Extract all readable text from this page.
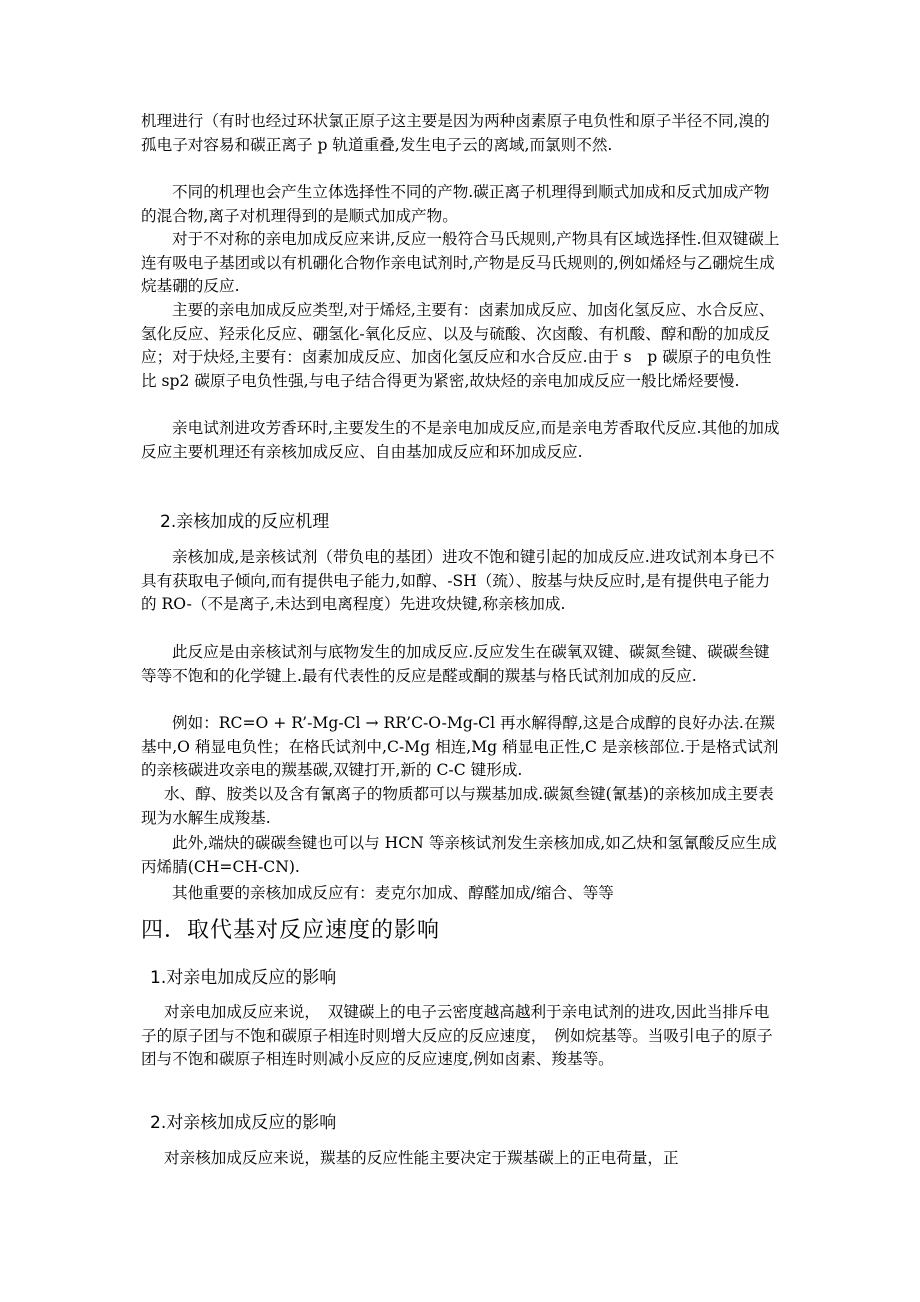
机理进行（有时也经过环状氯正原子这主要是因为两种卤素原子电负性和原子半径不同,溴的孤电子对容易和碳正离子 p 轨道重叠,发生电子云的离域,而氯则不然.

不同的机理也会产生立体选择性不同的产物.碳正离子机理得到顺式加成和反式加成产物的混合物,离子对机理得到的是顺式加成产物。

对于不对称的亲电加成反应来讲,反应一般符合马氏规则,产物具有区域选择性.但双键碳上连有吸电子基团或以有机硼化合物作亲电试剂时,产物是反马氏规则的,例如烯烃与乙硼烷生成烷基硼的反应.

主要的亲电加成反应类型,对于烯烃,主要有：卤素加成反应、加卤化氢反应、水合反应、氢化反应、羟汞化反应、硼氢化-氧化反应、以及与硫酸、次卤酸、有机酸、醇和酚的加成反应；对于炔烃,主要有：卤素加成反应、加卤化氢反应和水合反应.由于 s　p 碳原子的电负性比 sp2 碳原子电负性强,与电子结合得更为紧密,故炔烃的亲电加成反应一般比烯烃要慢.

亲电试剂进攻芳香环时,主要发生的不是亲电加成反应,而是亲电芳香取代反应.其他的加成反应主要机理还有亲核加成反应、自由基加成反应和环加成反应.

2.亲核加成的反应机理

亲核加成,是亲核试剂（带负电的基团）进攻不饱和键引起的加成反应.进攻试剂本身已不具有获取电子倾向,而有提供电子能力,如醇、-SH（巯）、胺基与炔反应时,是有提供电子能力的 RO-（不是离子,未达到电离程度）先进攻炔键,称亲核加成.

此反应是由亲核试剂与底物发生的加成反应.反应发生在碳氧双键、碳氮叁键、碳碳叁键等等不饱和的化学键上.最有代表性的反应是醛或酮的羰基与格氏试剂加成的反应.

例如：RC=O + R’-Mg-Cl → RR’C-O-Mg-Cl 再水解得醇,这是合成醇的良好办法.在羰基中,O 稍显电负性；在格氏试剂中,C-Mg 相连,Mg 稍显电正性,C 是亲核部位.于是格式试剂的亲核碳进攻亲电的羰基碳,双键打开,新的 C-C 键形成.

水、醇、胺类以及含有氰离子的物质都可以与羰基加成.碳氮叁键(氰基)的亲核加成主要表现为水解生成羧基.

此外,端炔的碳碳叁键也可以与 HCN 等亲核试剂发生亲核加成,如乙炔和氢氰酸反应生成丙烯腈(CH=CH-CN).

其他重要的亲核加成反应有：麦克尔加成、醇醛加成/缩合、等等

四．取代基对反应速度的影响
1.对亲电加成反应的影响

对亲电加成反应来说，　双键碳上的电子云密度越高越利于亲电试剂的进攻,因此当排斥电子的原子团与不饱和碳原子相连时则增大反应的反应速度，　例如烷基等。当吸引电子的原子团与不饱和碳原子相连时则减小反应的反应速度,例如卤素、羧基等。

2.对亲核加成反应的影响

对亲核加成反应来说，羰基的反应性能主要决定于羰基碳上的正电荷量，正
